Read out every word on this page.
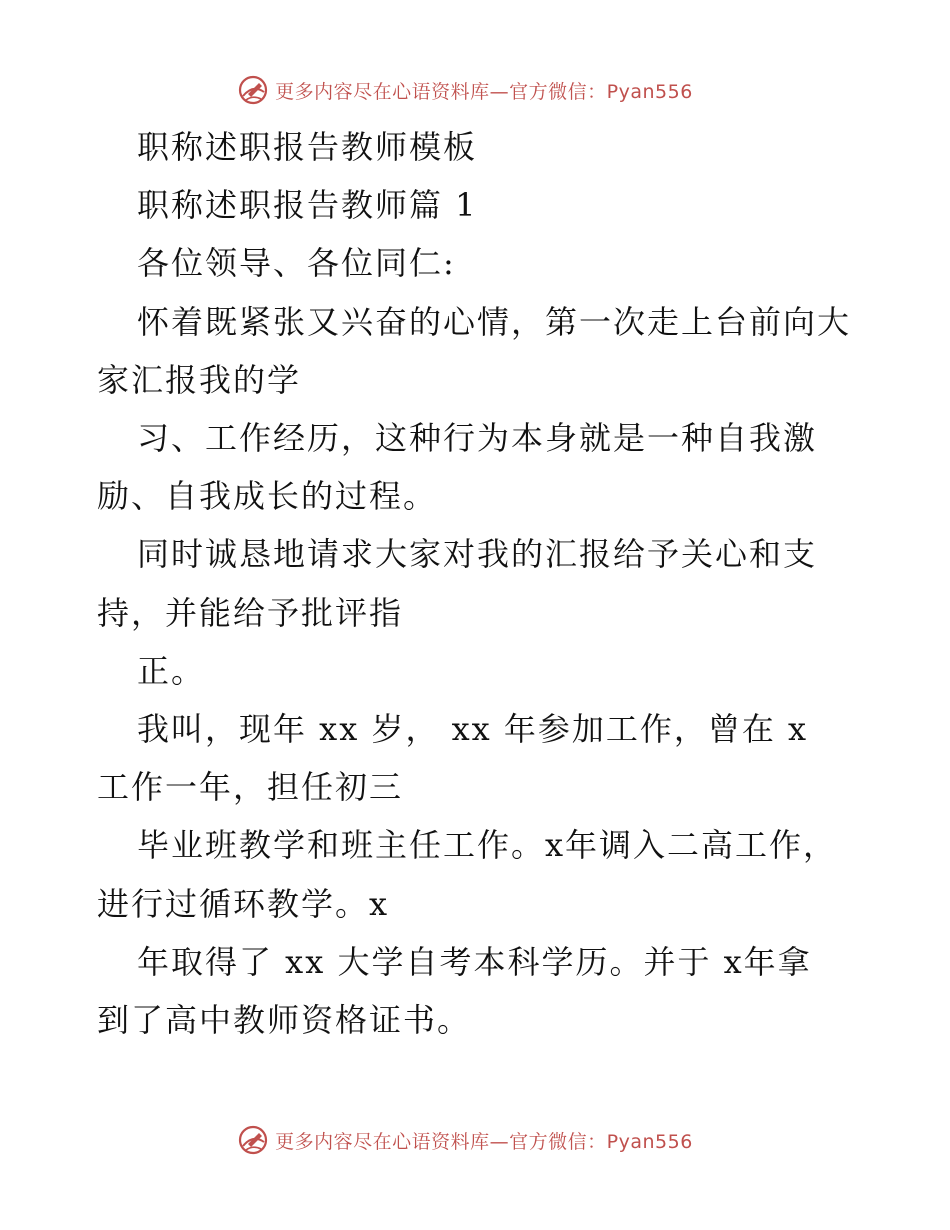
更多内容尽在心语资料库—官方微信：Pyan556
职称述职报告教师模板
职称述职报告教师篇 1
各位领导、各位同仁:
怀着既紧张又兴奋的心情，第一次走上台前向大
家汇报我的学
习、工作经历，这种行为本身就是一种自我激
励、自我成长的过程。
同时诚恳地请求大家对我的汇报给予关心和支
持，并能给予批评指
正。
我叫，现年 xx 岁， xx 年参加工作，曾在 x
工作一年，担任初三
毕业班教学和班主任工作。x年调入二高工作，
进行过循环教学。x
年取得了 xx 大学自考本科学历。并于 x年拿
到了高中教师资格证书。
更多内容尽在心语资料库—官方微信：Pyan556
